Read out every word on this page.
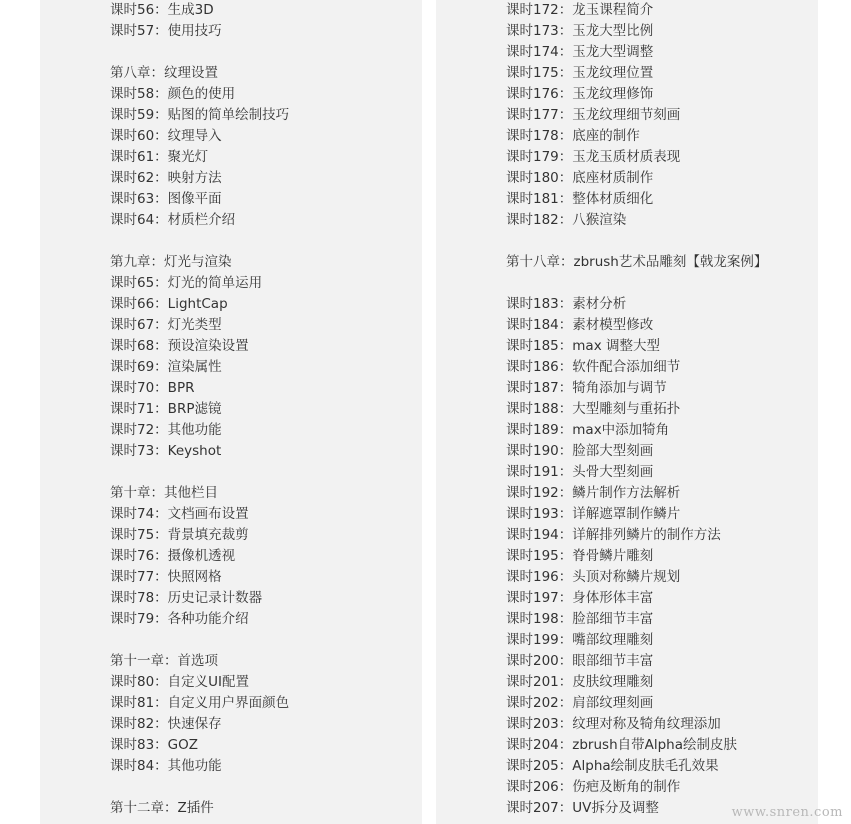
课时56：生成3D
课时57：使用技巧
第八章：纹理设置
课时58：颜色的使用
课时59：贴图的简单绘制技巧
课时60：纹理导入
课时61：聚光灯
课时62：映射方法
课时63：图像平面
课时64：材质栏介绍
第九章：灯光与渲染
课时65：灯光的简单运用
课时66：LightCap
课时67：灯光类型
课时68：预设渲染设置
课时69：渲染属性
课时70：BPR
课时71：BRP滤镜
课时72：其他功能
课时73：Keyshot
第十章：其他栏目
课时74：文档画布设置
课时75：背景填充裁剪
课时76：摄像机透视
课时77：快照网格
课时78：历史记录计数器
课时79：各种功能介绍
第十一章：首选项
课时80：自定义UI配置
课时81：自定义用户界面颜色
课时82：快速保存
课时83：GOZ
课时84：其他功能
第十二章：Z插件
课时172：龙玉课程简介
课时173：玉龙大型比例
课时174：玉龙大型调整
课时175：玉龙纹理位置
课时176：玉龙纹理修饰
课时177：玉龙纹理细节刻画
课时178：底座的制作
课时179：玉龙玉质材质表现
课时180：底座材质制作
课时181：整体材质细化
课时182：八猴渲染
第十八章：zbrush艺术品雕刻【戟龙案例】
课时183：素材分析
课时184：素材模型修改
课时185：max 调整大型
课时186：软件配合添加细节
课时187：犄角添加与调节
课时188：大型雕刻与重拓扑
课时189：max中添加犄角
课时190：脸部大型刻画
课时191：头骨大型刻画
课时192：鳞片制作方法解析
课时193：详解遮罩制作鳞片
课时194：详解排列鳞片的制作方法
课时195：脊骨鳞片雕刻
课时196：头顶对称鳞片规划
课时197：身体形体丰富
课时198：脸部细节丰富
课时199：嘴部纹理雕刻
课时200：眼部细节丰富
课时201：皮肤纹理雕刻
课时202：肩部纹理刻画
课时203：纹理对称及犄角纹理添加
课时204：zbrush自带Alpha绘制皮肤
课时205：Alpha绘制皮肤毛孔效果
课时206：伤疤及断角的制作
课时207：UV拆分及调整	www.snren.com
